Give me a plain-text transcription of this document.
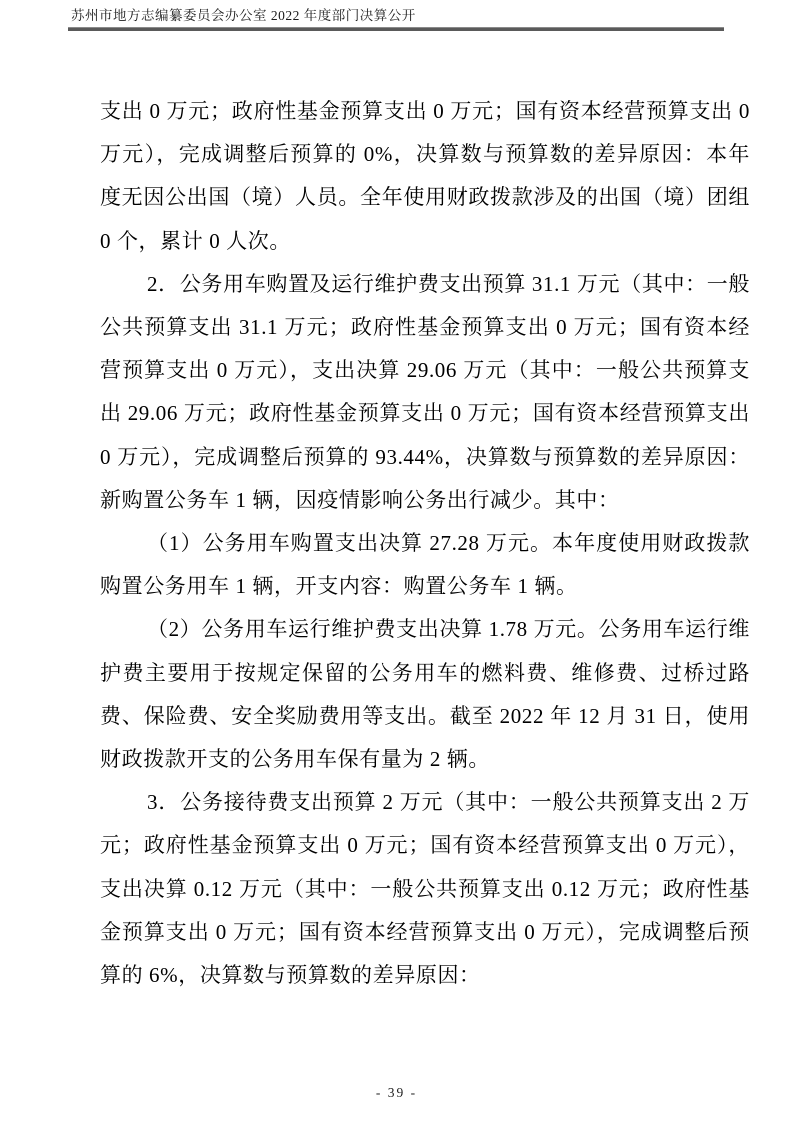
苏州市地方志编纂委员会办公室 2022 年度部门决算公开

支出 0 万元；政府性基金预算支出 0 万元；国有资本经营预算支出 0 万元），完成调整后预算的 0%，决算数与预算数的差异原因：本年度无因公出国（境）人员。全年使用财政拨款涉及的出国（境）团组 0 个，累计 0 人次。

2．公务用车购置及运行维护费支出预算 31.1 万元（其中：一般公共预算支出 31.1 万元；政府性基金预算支出 0 万元；国有资本经营预算支出 0 万元），支出决算 29.06 万元（其中：一般公共预算支出 29.06 万元；政府性基金预算支出 0 万元；国有资本经营预算支出 0 万元），完成调整后预算的 93.44%，决算数与预算数的差异原因：新购置公务车 1 辆，因疫情影响公务出行减少。其中：

（1）公务用车购置支出决算 27.28 万元。本年度使用财政拨款购置公务用车 1 辆，开支内容：购置公务车 1 辆。

（2）公务用车运行维护费支出决算 1.78 万元。公务用车运行维护费主要用于按规定保留的公务用车的燃料费、维修费、过桥过路费、保险费、安全奖励费用等支出。截至 2022 年 12 月 31 日，使用财政拨款开支的公务用车保有量为 2 辆。

3．公务接待费支出预算 2 万元（其中：一般公共预算支出 2 万元；政府性基金预算支出 0 万元；国有资本经营预算支出 0 万元），支出决算 0.12 万元（其中：一般公共预算支出 0.12 万元；政府性基金预算支出 0 万元；国有资本经营预算支出 0 万元），完成调整后预算的 6%，决算数与预算数的差异原因：

- 39 -
